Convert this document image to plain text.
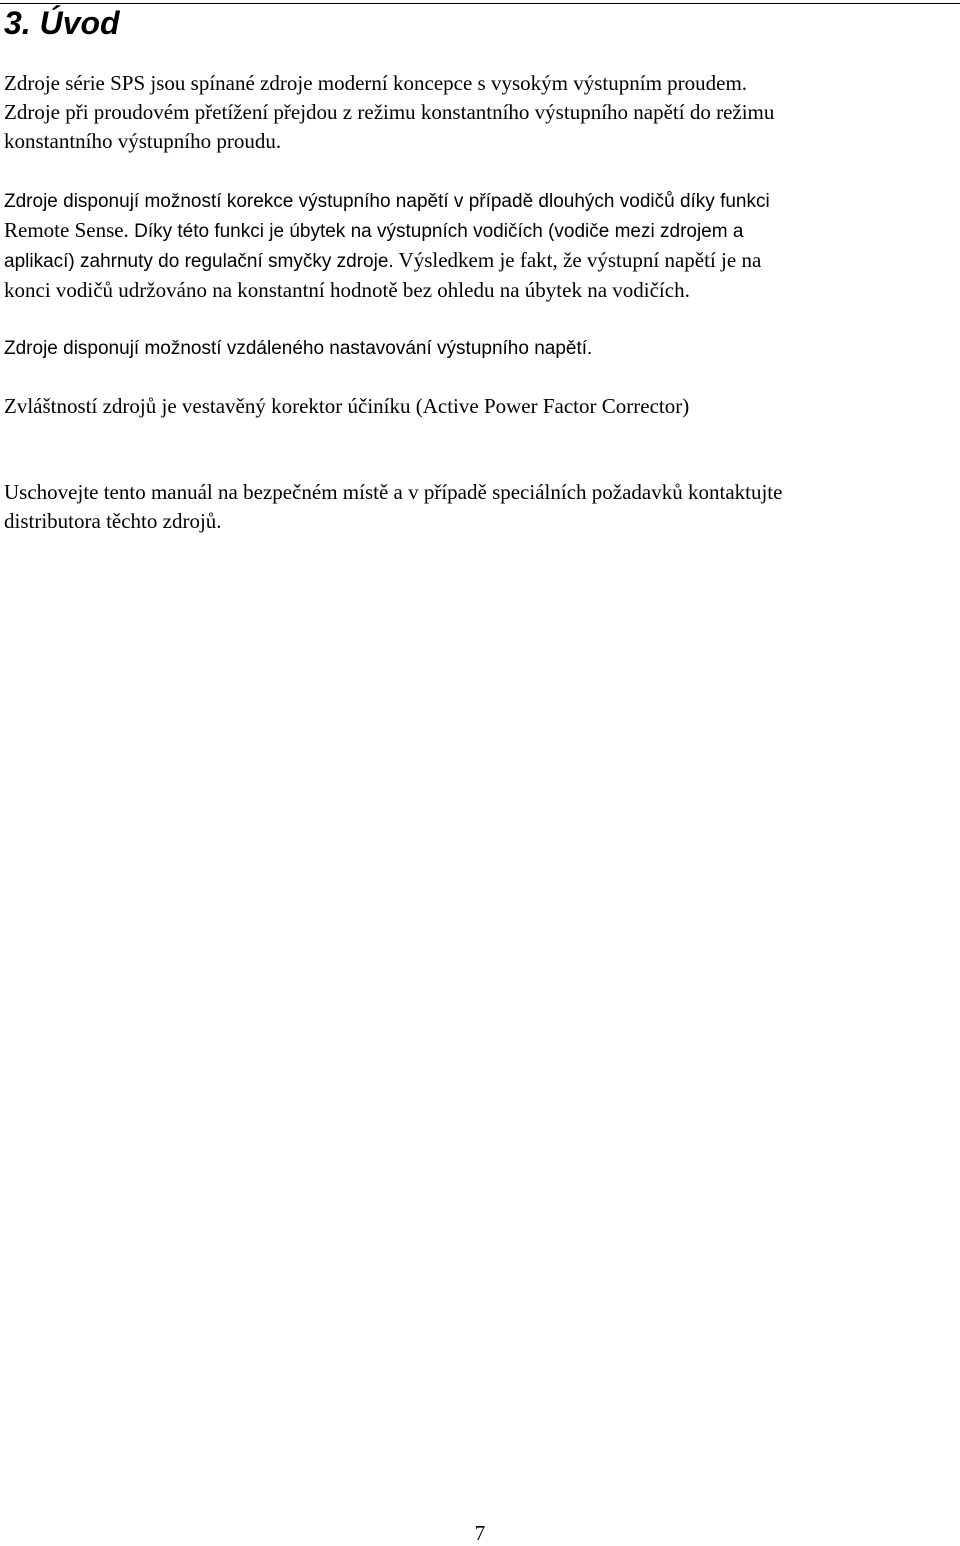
3. Úvod

Zdroje série SPS jsou spínané zdroje moderní koncepce s vysokým výstupním proudem.
Zdroje při proudovém přetížení přejdou z režimu konstantního výstupního napětí do režimu
konstantního výstupního proudu.

Zdroje disponují možností korekce výstupního napětí v případě dlouhých vodičů díky funkci
Remote Sense. Díky této funkci je úbytek na výstupních vodičích (vodiče mezi zdrojem a
aplikací) zahrnuty do regulační smyčky zdroje. Výsledkem je fakt, že výstupní napětí je na
konci vodičů udržováno na konstantní hodnotě bez ohledu na úbytek na vodičích.

Zdroje disponují možností vzdáleného nastavování výstupního napětí.

Zvláštností zdrojů je vestavěný korektor účiníku (Active Power Factor Corrector)

Uschovejte tento manuál na bezpečném místě a v případě speciálních požadavků kontaktujte
distributora těchto zdrojů.

7
